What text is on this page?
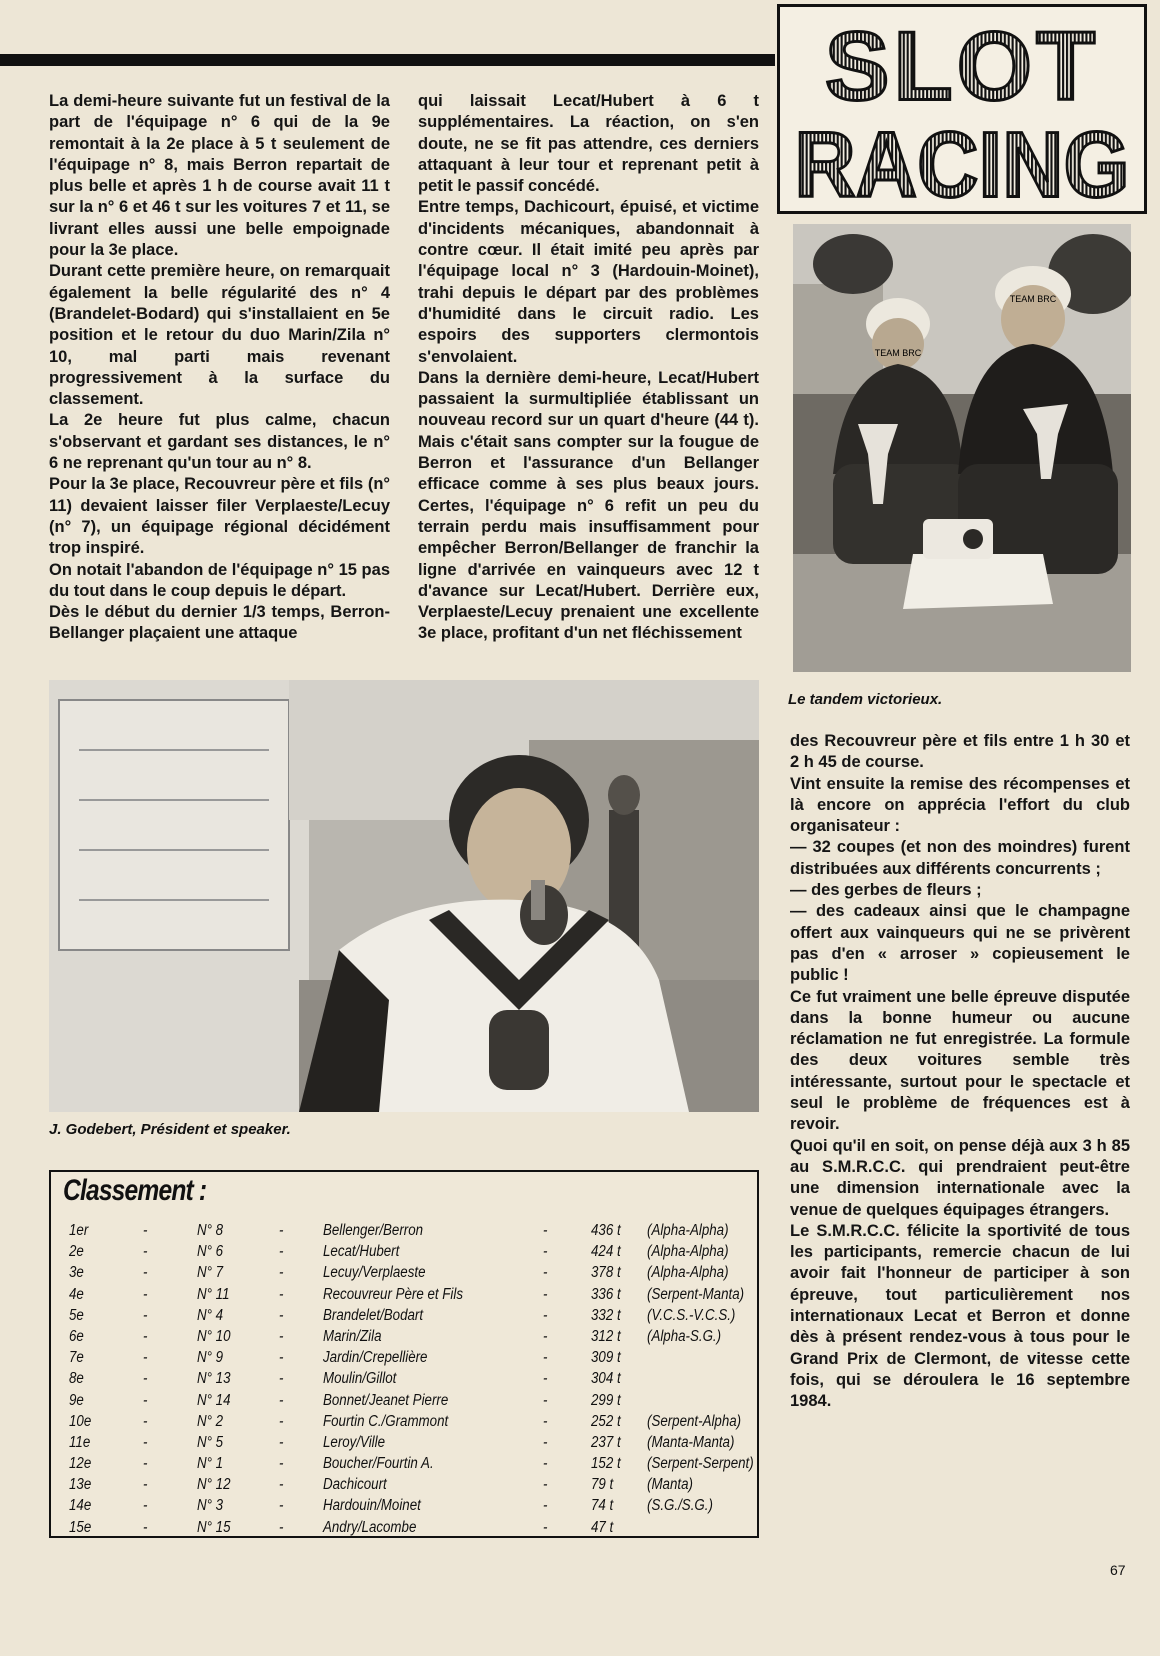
SLOT
RACING

La demi-heure suivante fut un festival de la part de l'équipage n° 6 qui de la 9e remontait à la 2e place à 5 t seulement de l'équipage n° 8, mais Berron repartait de plus belle et après 1 h de course avait 11 t sur la n° 6 et 46 t sur les voitures 7 et 11, se livrant elles aussi une belle empoignade pour la 3e place.

Durant cette première heure, on remarquait également la belle régularité des n° 4 (Brandelet-Bodard) qui s'installaient en 5e position et le retour du duo Marin/Zila n° 10, mal parti mais revenant progressivement à la surface du classement.

La 2e heure fut plus calme, chacun s'observant et gardant ses distances, le n° 6 ne reprenant qu'un tour au n° 8.

Pour la 3e place, Recouvreur père et fils (n° 11) devaient laisser filer Verplaeste/Lecuy (n° 7), un équipage régional décidément trop inspiré.

On notait l'abandon de l'équipage n° 15 pas du tout dans le coup depuis le départ.

Dès le début du dernier 1/3 temps, Berron-Bellanger plaçaient une attaque

qui laissait Lecat/Hubert à 6 t supplémentaires. La réaction, on s'en doute, ne se fit pas attendre, ces derniers attaquant à leur tour et reprenant petit à petit le passif concédé.

Entre temps, Dachicourt, épuisé, et victime d'incidents mécaniques, abandonnait à contre cœur. Il était imité peu après par l'équipage local n° 3 (Hardouin-Moinet), trahi depuis le départ par des problèmes d'humidité dans le circuit radio. Les espoirs des supporters clermontois s'envolaient.

Dans la dernière demi-heure, Lecat/Hubert passaient la surmultipliée établissant un nouveau record sur un quart d'heure (44 t). Mais c'était sans compter sur la fougue de Berron et l'assurance d'un Bellanger efficace comme à ses plus beaux jours. Certes, l'équipage n° 6 refit un peu du terrain perdu mais insuffisamment pour empêcher Berron/Bellanger de franchir la ligne d'arrivée en vainqueurs avec 12 t d'avance sur Lecat/Hubert. Derrière eux, Verplaeste/Lecuy prenaient une excellente 3e place, profitant d'un net fléchissement

TEAM BRC
TEAM BRC
Le tandem victorieux.
J. Godebert, Président et speaker.
Classement :
1er	-	N° 8	-	Bellenger/Berron	-	436 t (Alpha-Alpha)
2e	-	N° 6	-	Lecat/Hubert	-	424 t (Alpha-Alpha)
3e	-	N° 7	-	Lecuy/Verplaeste	-	378 t (Alpha-Alpha)
4e	-	N° 11	-	Recouvreur Père et Fils	-	336 t (Serpent-Manta)
5e	-	N° 4	-	Brandelet/Bodart	-	332 t (V.C.S.-V.C.S.)
6e	-	N° 10	-	Marin/Zila	-	312 t (Alpha-S.G.)
7e	-	N° 9	-	Jardin/Crepellière	-	309 t
8e	-	N° 13	-	Moulin/Gillot	-	304 t
9e	-	N° 14	-	Bonnet/Jeanet Pierre	-	299 t
10e	-	N° 2	-	Fourtin C./Grammont	-	252 t (Serpent-Alpha)
11e	-	N° 5	-	Leroy/Ville	-	237 t (Manta-Manta)
12e	-	N° 1	-	Boucher/Fourtin A.	-	152 t (Serpent-Serpent)
13e	-	N° 12	-	Dachicourt	-	79 t (Manta)
14e	-	N° 3	-	Hardouin/Moinet	-	74 t (S.G./S.G.)
15e	-	N° 15	-	Andry/Lacombe	-	47 t

des Recouvreur père et fils entre 1 h 30 et 2 h 45 de course.

Vint ensuite la remise des récompenses et là encore on apprécia l'effort du club organisateur :

— 32 coupes (et non des moindres) furent distribuées aux différents concurrents ;

— des gerbes de fleurs ;

— des cadeaux ainsi que le champagne offert aux vainqueurs qui ne se privèrent pas d'en « arroser » copieusement le public !

Ce fut vraiment une belle épreuve disputée dans la bonne humeur ou aucune réclamation ne fut enregistrée. La formule des deux voitures semble très intéressante, surtout pour le spectacle et seul le problème de fréquences est à revoir.

Quoi qu'il en soit, on pense déjà aux 3 h 85 au S.M.R.C.C. qui prendraient peut-être une dimension internationale avec la venue de quelques équipages étrangers.

Le S.M.R.C.C. félicite la sportivité de tous les participants, remercie chacun de lui avoir fait l'honneur de participer à son épreuve, tout particulièrement nos internationaux Lecat et Berron et donne dès à présent rendez-vous à tous pour le Grand Prix de Clermont, de vitesse cette fois, qui se déroulera le 16 septembre 1984.

67
